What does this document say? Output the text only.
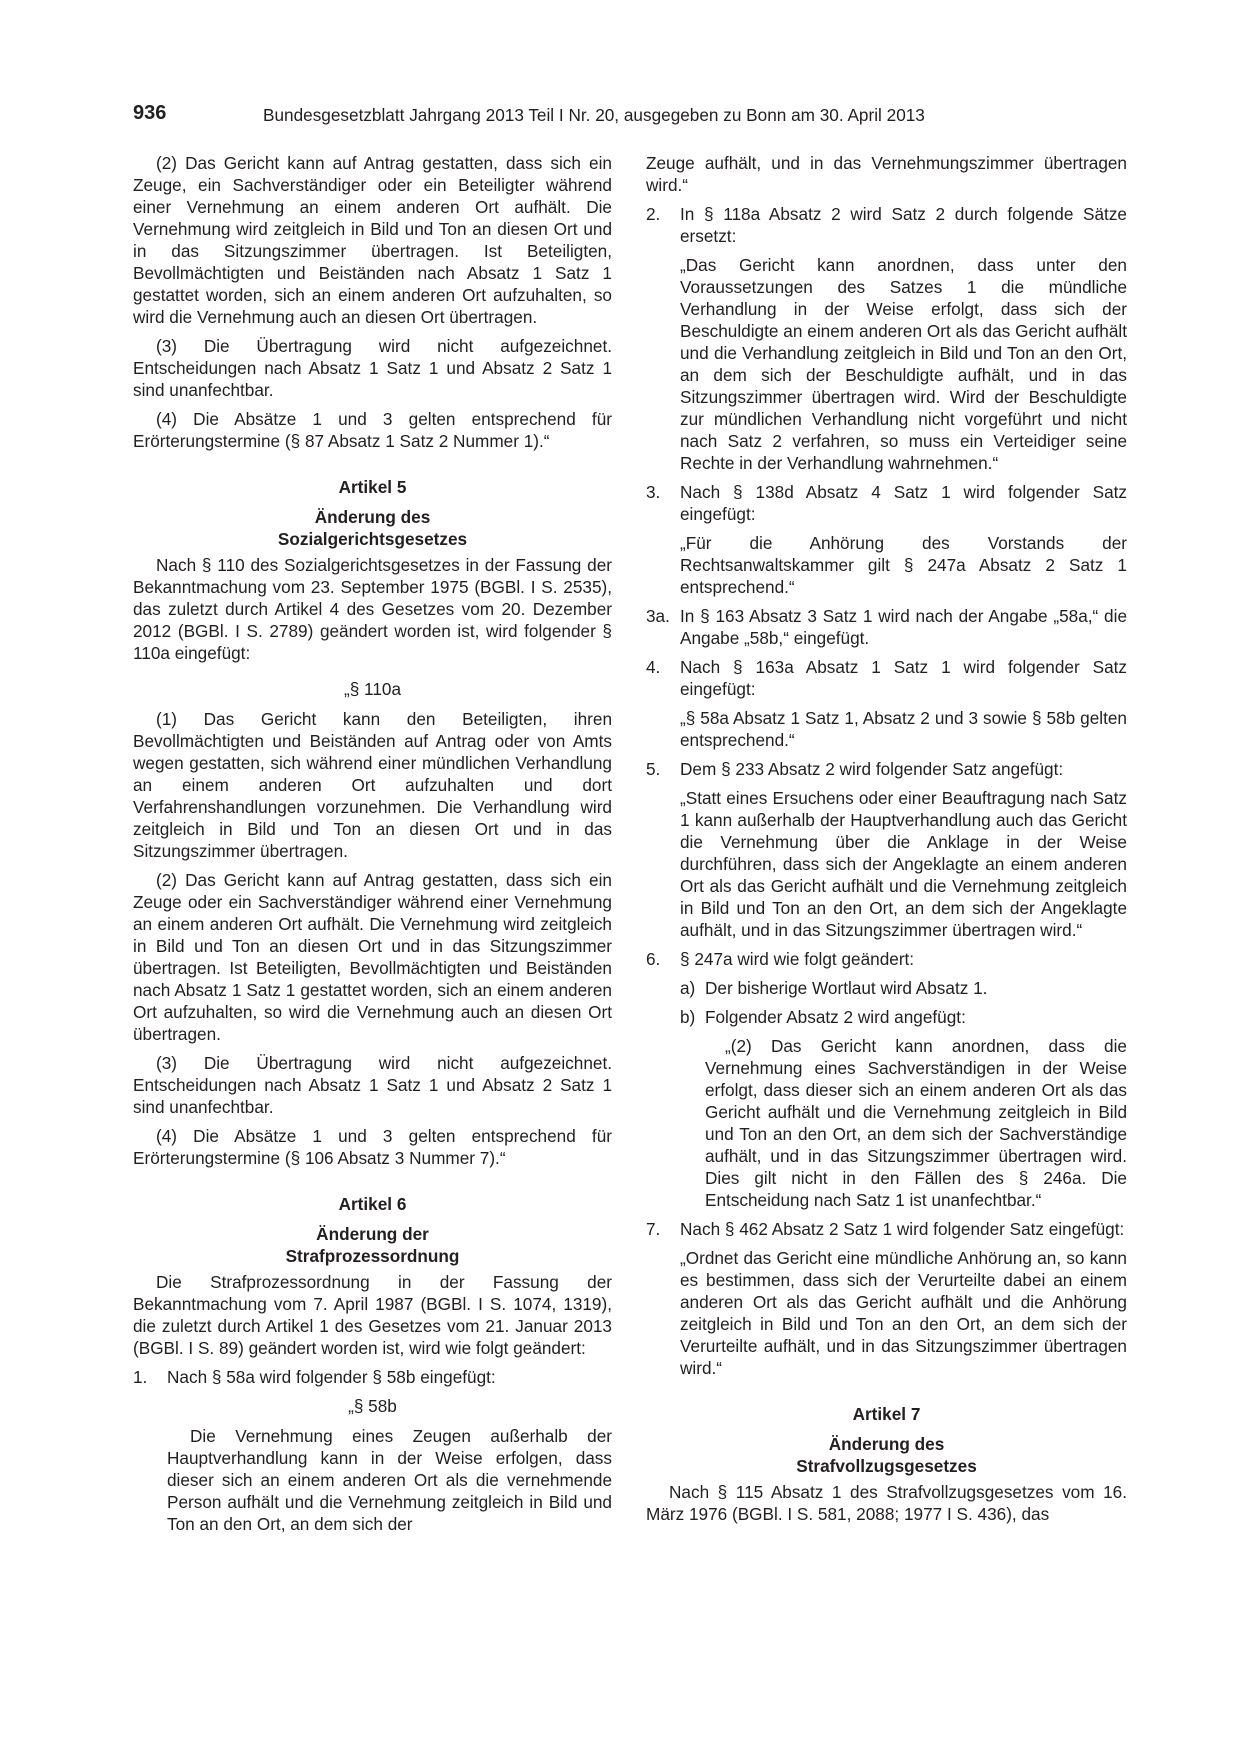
936	Bundesgesetzblatt Jahrgang 2013 Teil I Nr. 20, ausgegeben zu Bonn am 30. April 2013

(2) Das Gericht kann auf Antrag gestatten, dass sich ein Zeuge, ein Sachverständiger oder ein Beteiligter während einer Vernehmung an einem anderen Ort aufhält. Die Vernehmung wird zeitgleich in Bild und Ton an diesen Ort und in das Sitzungszimmer übertragen. Ist Beteiligten, Bevollmächtigten und Beiständen nach Absatz 1 Satz 1 gestattet worden, sich an einem anderen Ort aufzuhalten, so wird die Vernehmung auch an diesen Ort übertragen.

(3) Die Übertragung wird nicht aufgezeichnet. Entscheidungen nach Absatz 1 Satz 1 und Absatz 2 Satz 1 sind unanfechtbar.

(4) Die Absätze 1 und 3 gelten entsprechend für Erörterungstermine (§ 87 Absatz 1 Satz 2 Nummer 1).“

Artikel 5

Änderung des
Sozialgerichtsgesetzes

Nach § 110 des Sozialgerichtsgesetzes in der Fassung der Bekanntmachung vom 23. September 1975 (BGBl. I S. 2535), das zuletzt durch Artikel 4 des Gesetzes vom 20. Dezember 2012 (BGBl. I S. 2789) geändert worden ist, wird folgender § 110a eingefügt:

„§ 110a

(1) Das Gericht kann den Beteiligten, ihren Bevollmächtigten und Beiständen auf Antrag oder von Amts wegen gestatten, sich während einer mündlichen Verhandlung an einem anderen Ort aufzuhalten und dort Verfahrenshandlungen vorzunehmen. Die Verhandlung wird zeitgleich in Bild und Ton an diesen Ort und in das Sitzungszimmer übertragen.

(2) Das Gericht kann auf Antrag gestatten, dass sich ein Zeuge oder ein Sachverständiger während einer Vernehmung an einem anderen Ort aufhält. Die Vernehmung wird zeitgleich in Bild und Ton an diesen Ort und in das Sitzungszimmer übertragen. Ist Beteiligten, Bevollmächtigten und Beiständen nach Absatz 1 Satz 1 gestattet worden, sich an einem anderen Ort aufzuhalten, so wird die Vernehmung auch an diesen Ort übertragen.

(3) Die Übertragung wird nicht aufgezeichnet. Entscheidungen nach Absatz 1 Satz 1 und Absatz 2 Satz 1 sind unanfechtbar.

(4) Die Absätze 1 und 3 gelten entsprechend für Erörterungstermine (§ 106 Absatz 3 Nummer 7).“

Artikel 6

Änderung der
Strafprozessordnung

Die Strafprozessordnung in der Fassung der Bekanntmachung vom 7. April 1987 (BGBl. I S. 1074, 1319), die zuletzt durch Artikel 1 des Gesetzes vom 21. Januar 2013 (BGBl. I S. 89) geändert worden ist, wird wie folgt geändert:

1. Nach § 58a wird folgender § 58b eingefügt:

„§ 58b

Die Vernehmung eines Zeugen außerhalb der Hauptverhandlung kann in der Weise erfolgen, dass dieser sich an einem anderen Ort als die vernehmende Person aufhält und die Vernehmung zeitgleich in Bild und Ton an den Ort, an dem sich der

Zeuge aufhält, und in das Vernehmungszimmer übertragen wird.“

2. In § 118a Absatz 2 wird Satz 2 durch folgende Sätze ersetzt:

„Das Gericht kann anordnen, dass unter den Voraussetzungen des Satzes 1 die mündliche Verhandlung in der Weise erfolgt, dass sich der Beschuldigte an einem anderen Ort als das Gericht aufhält und die Verhandlung zeitgleich in Bild und Ton an den Ort, an dem sich der Beschuldigte aufhält, und in das Sitzungszimmer übertragen wird. Wird der Beschuldigte zur mündlichen Verhandlung nicht vorgeführt und nicht nach Satz 2 verfahren, so muss ein Verteidiger seine Rechte in der Verhandlung wahrnehmen.“

3. Nach § 138d Absatz 4 Satz 1 wird folgender Satz eingefügt:

„Für die Anhörung des Vorstands der Rechtsanwaltskammer gilt § 247a Absatz 2 Satz 1 entsprechend.“

3a. In § 163 Absatz 3 Satz 1 wird nach der Angabe „58a,“ die Angabe „58b,“ eingefügt.
4. Nach § 163a Absatz 1 Satz 1 wird folgender Satz eingefügt:

„§ 58a Absatz 1 Satz 1, Absatz 2 und 3 sowie § 58b gelten entsprechend.“

5. Dem § 233 Absatz 2 wird folgender Satz angefügt:

„Statt eines Ersuchens oder einer Beauftragung nach Satz 1 kann außerhalb der Hauptverhandlung auch das Gericht die Vernehmung über die Anklage in der Weise durchführen, dass sich der Angeklagte an einem anderen Ort als das Gericht aufhält und die Vernehmung zeitgleich in Bild und Ton an den Ort, an dem sich der Angeklagte aufhält, und in das Sitzungszimmer übertragen wird.“

6. § 247a wird wie folgt geändert:
a) Der bisherige Wortlaut wird Absatz 1.
b) Folgender Absatz 2 wird angefügt:

„(2) Das Gericht kann anordnen, dass die Vernehmung eines Sachverständigen in der Weise erfolgt, dass dieser sich an einem anderen Ort als das Gericht aufhält und die Vernehmung zeitgleich in Bild und Ton an den Ort, an dem sich der Sachverständige aufhält, und in das Sitzungszimmer übertragen wird. Dies gilt nicht in den Fällen des § 246a. Die Entscheidung nach Satz 1 ist unanfechtbar.“

7. Nach § 462 Absatz 2 Satz 1 wird folgender Satz eingefügt:

„Ordnet das Gericht eine mündliche Anhörung an, so kann es bestimmen, dass sich der Verurteilte dabei an einem anderen Ort als das Gericht aufhält und die Anhörung zeitgleich in Bild und Ton an den Ort, an dem sich der Verurteilte aufhält, und in das Sitzungszimmer übertragen wird.“

Artikel 7

Änderung des
Strafvollzugsgesetzes

Nach § 115 Absatz 1 des Strafvollzugsgesetzes vom 16. März 1976 (BGBl. I S. 581, 2088; 1977 I S. 436), das
